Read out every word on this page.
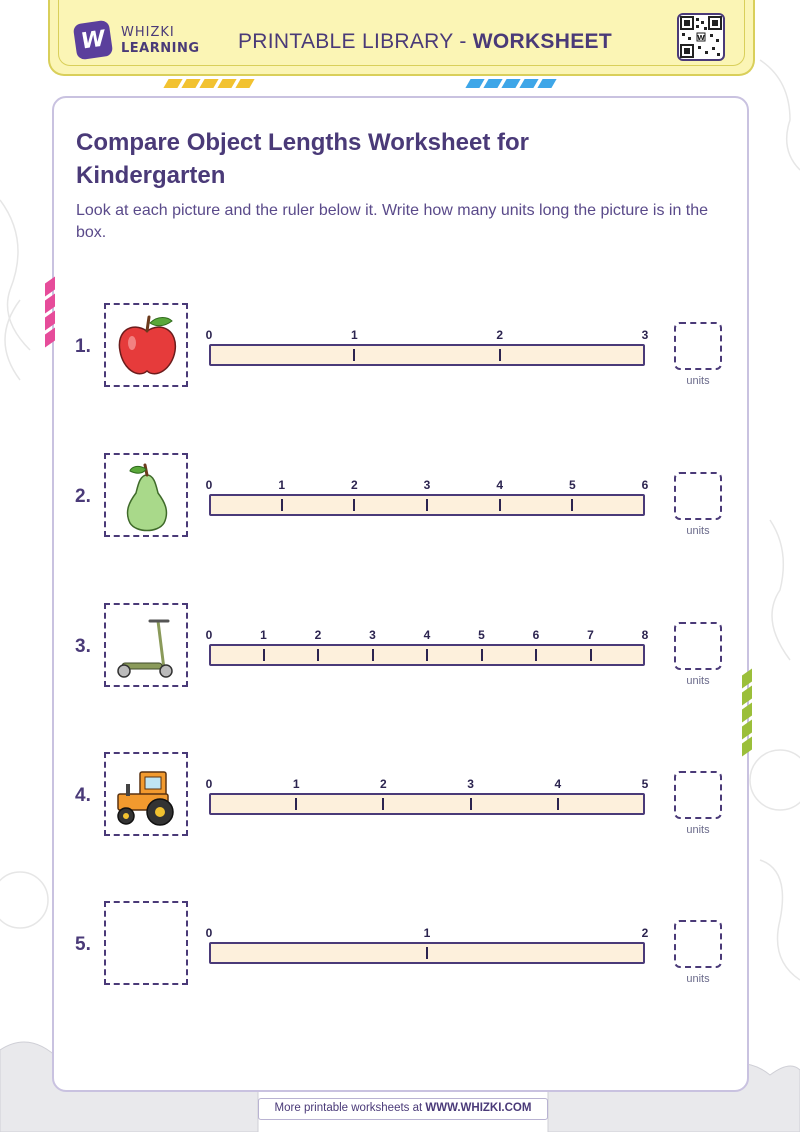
W WHIZKI
LEARNING PRINTABLE LIBRARY - WORKSHEET	W
Compare Object Lengths Worksheet for Kindergarten

Look at each picture and the ruler below it. Write how many units long the picture is in the box.

1.
0	1	2	3
units
2.
0	1	2	3	4	5	6
units
3.
0	1	2	3	4	5	6	7	8
units
4.
0	1	2	3	4	5
units
5.
0	1	2
units
More printable worksheets at WWW.WHIZKI.COM
